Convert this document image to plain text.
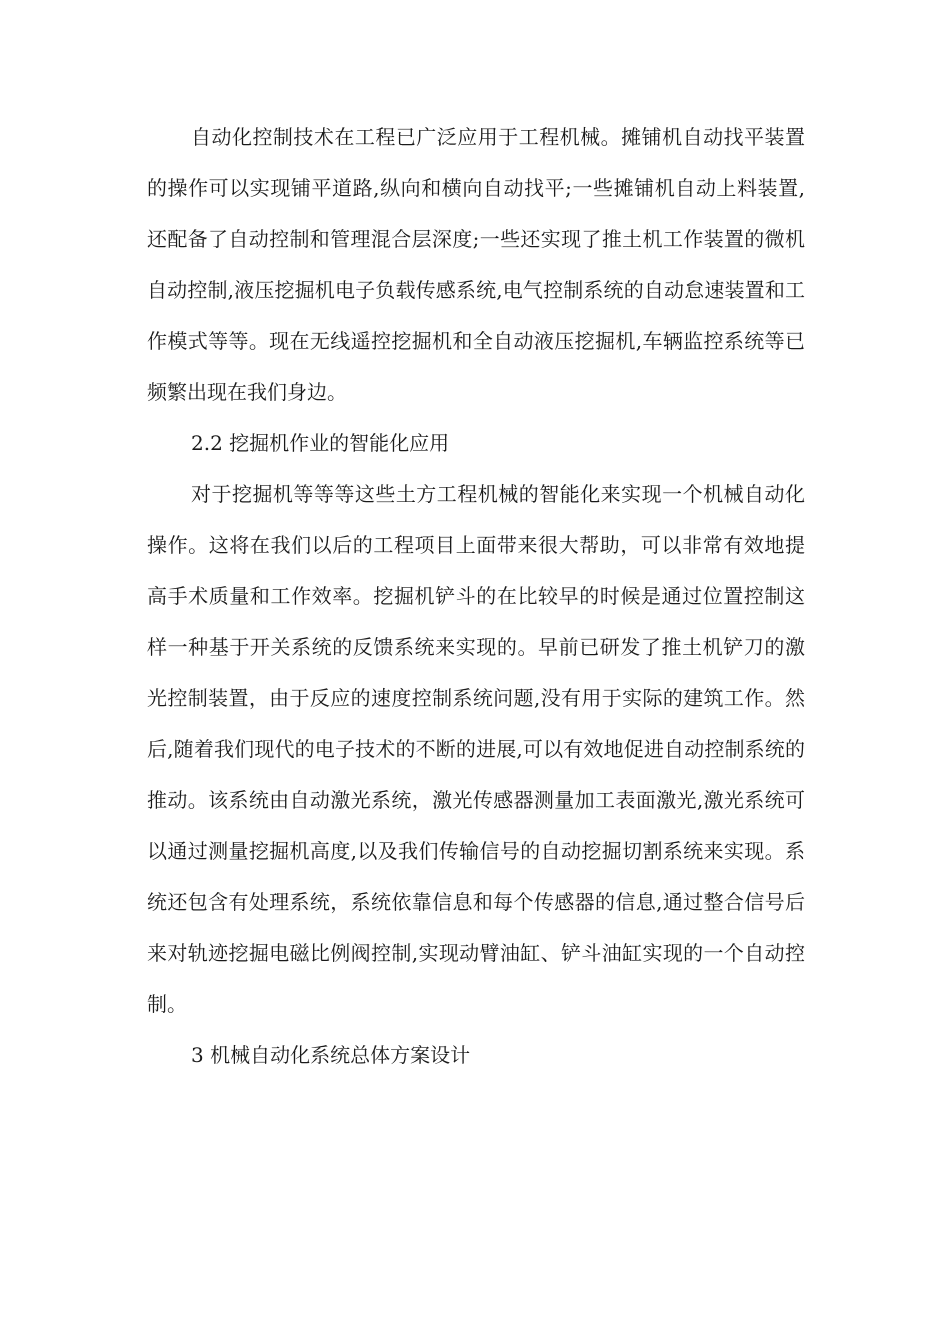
自动化控制技术在工程已广泛应用于工程机械。摊铺机自动找平装置的操作可以实现铺平道路,纵向和横向自动找平;一些摊铺机自动上料装置,还配备了自动控制和管理混合层深度;一些还实现了推土机工作装置的微机自动控制,液压挖掘机电子负载传感系统,电气控制系统的自动怠速装置和工作模式等等。现在无线遥控挖掘机和全自动液压挖掘机,车辆监控系统等已频繁出现在我们身边。

2.2 挖掘机作业的智能化应用

对于挖掘机等等等这些土方工程机械的智能化来实现一个机械自动化操作。这将在我们以后的工程项目上面带来很大帮助，可以非常有效地提高手术质量和工作效率。挖掘机铲斗的在比较早的时候是通过位置控制这样一种基于开关系统的反馈系统来实现的。早前已研发了推土机铲刀的激光控制装置，由于反应的速度控制系统问题,没有用于实际的建筑工作。然后,随着我们现代的电子技术的不断的进展,可以有效地促进自动控制系统的推动。该系统由自动激光系统，激光传感器测量加工表面激光,激光系统可以通过测量挖掘机高度,以及我们传输信号的自动挖掘切割系统来实现。系统还包含有处理系统，系统依靠信息和每个传感器的信息,通过整合信号后来对轨迹挖掘电磁比例阀控制,实现动臂油缸、铲斗油缸实现的一个自动控制。

3 机械自动化系统总体方案设计
